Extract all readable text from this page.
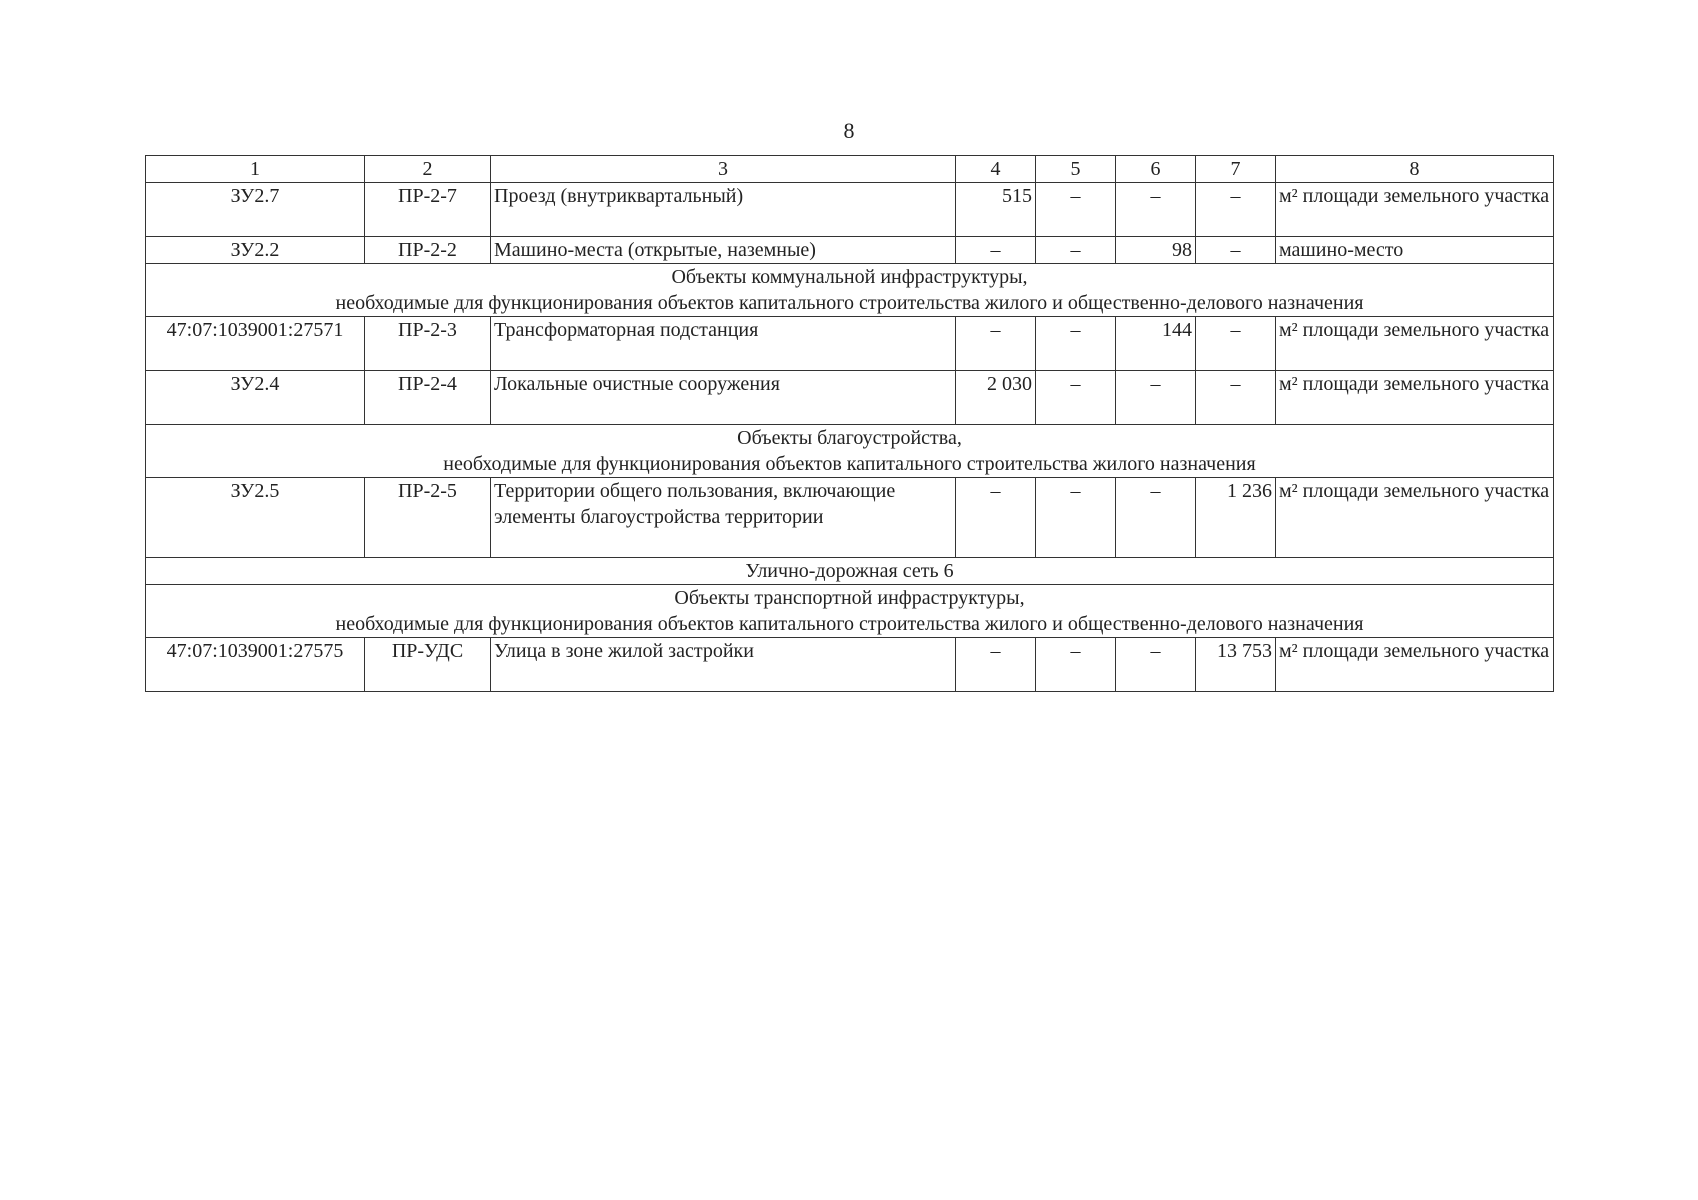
8
1	2	3	4	5	6	7	8
ЗУ2.7	ПР-2-7	Проезд (внутриквартальный)	515	–	–	–	м² площади земельного участка
ЗУ2.2	ПР-2-2	Машино-места (открытые, наземные)	–	–	98	–	машино-место

Объекты коммунальной инфраструктуры,
необходимые для функционирования объектов капитального строительства жилого и общественно-делового назначения							

47:07:1039001:27571	ПР-2-3	Трансформаторная подстанция	–	–	144	–	м² площади земельного участка
ЗУ2.4	ПР-2-4	Локальные очистные сооружения	2 030	–	–	–	м² площади земельного участка

Объекты благоустройства,
необходимые для функционирования объектов капитального строительства жилого назначения							

ЗУ2.5	ПР-2-5	Территории общего пользования, включающие элементы благоустройства территории	–	–	–	1 236	м² площади земельного участка

Улично-дорожная сеть 6							

Объекты транспортной инфраструктуры,
необходимые для функционирования объектов капитального строительства жилого и общественно-делового назначения							

47:07:1039001:27575	ПР-УДС	Улица в зоне жилой застройки	–	–	–	13 753	м² площади земельного участка
